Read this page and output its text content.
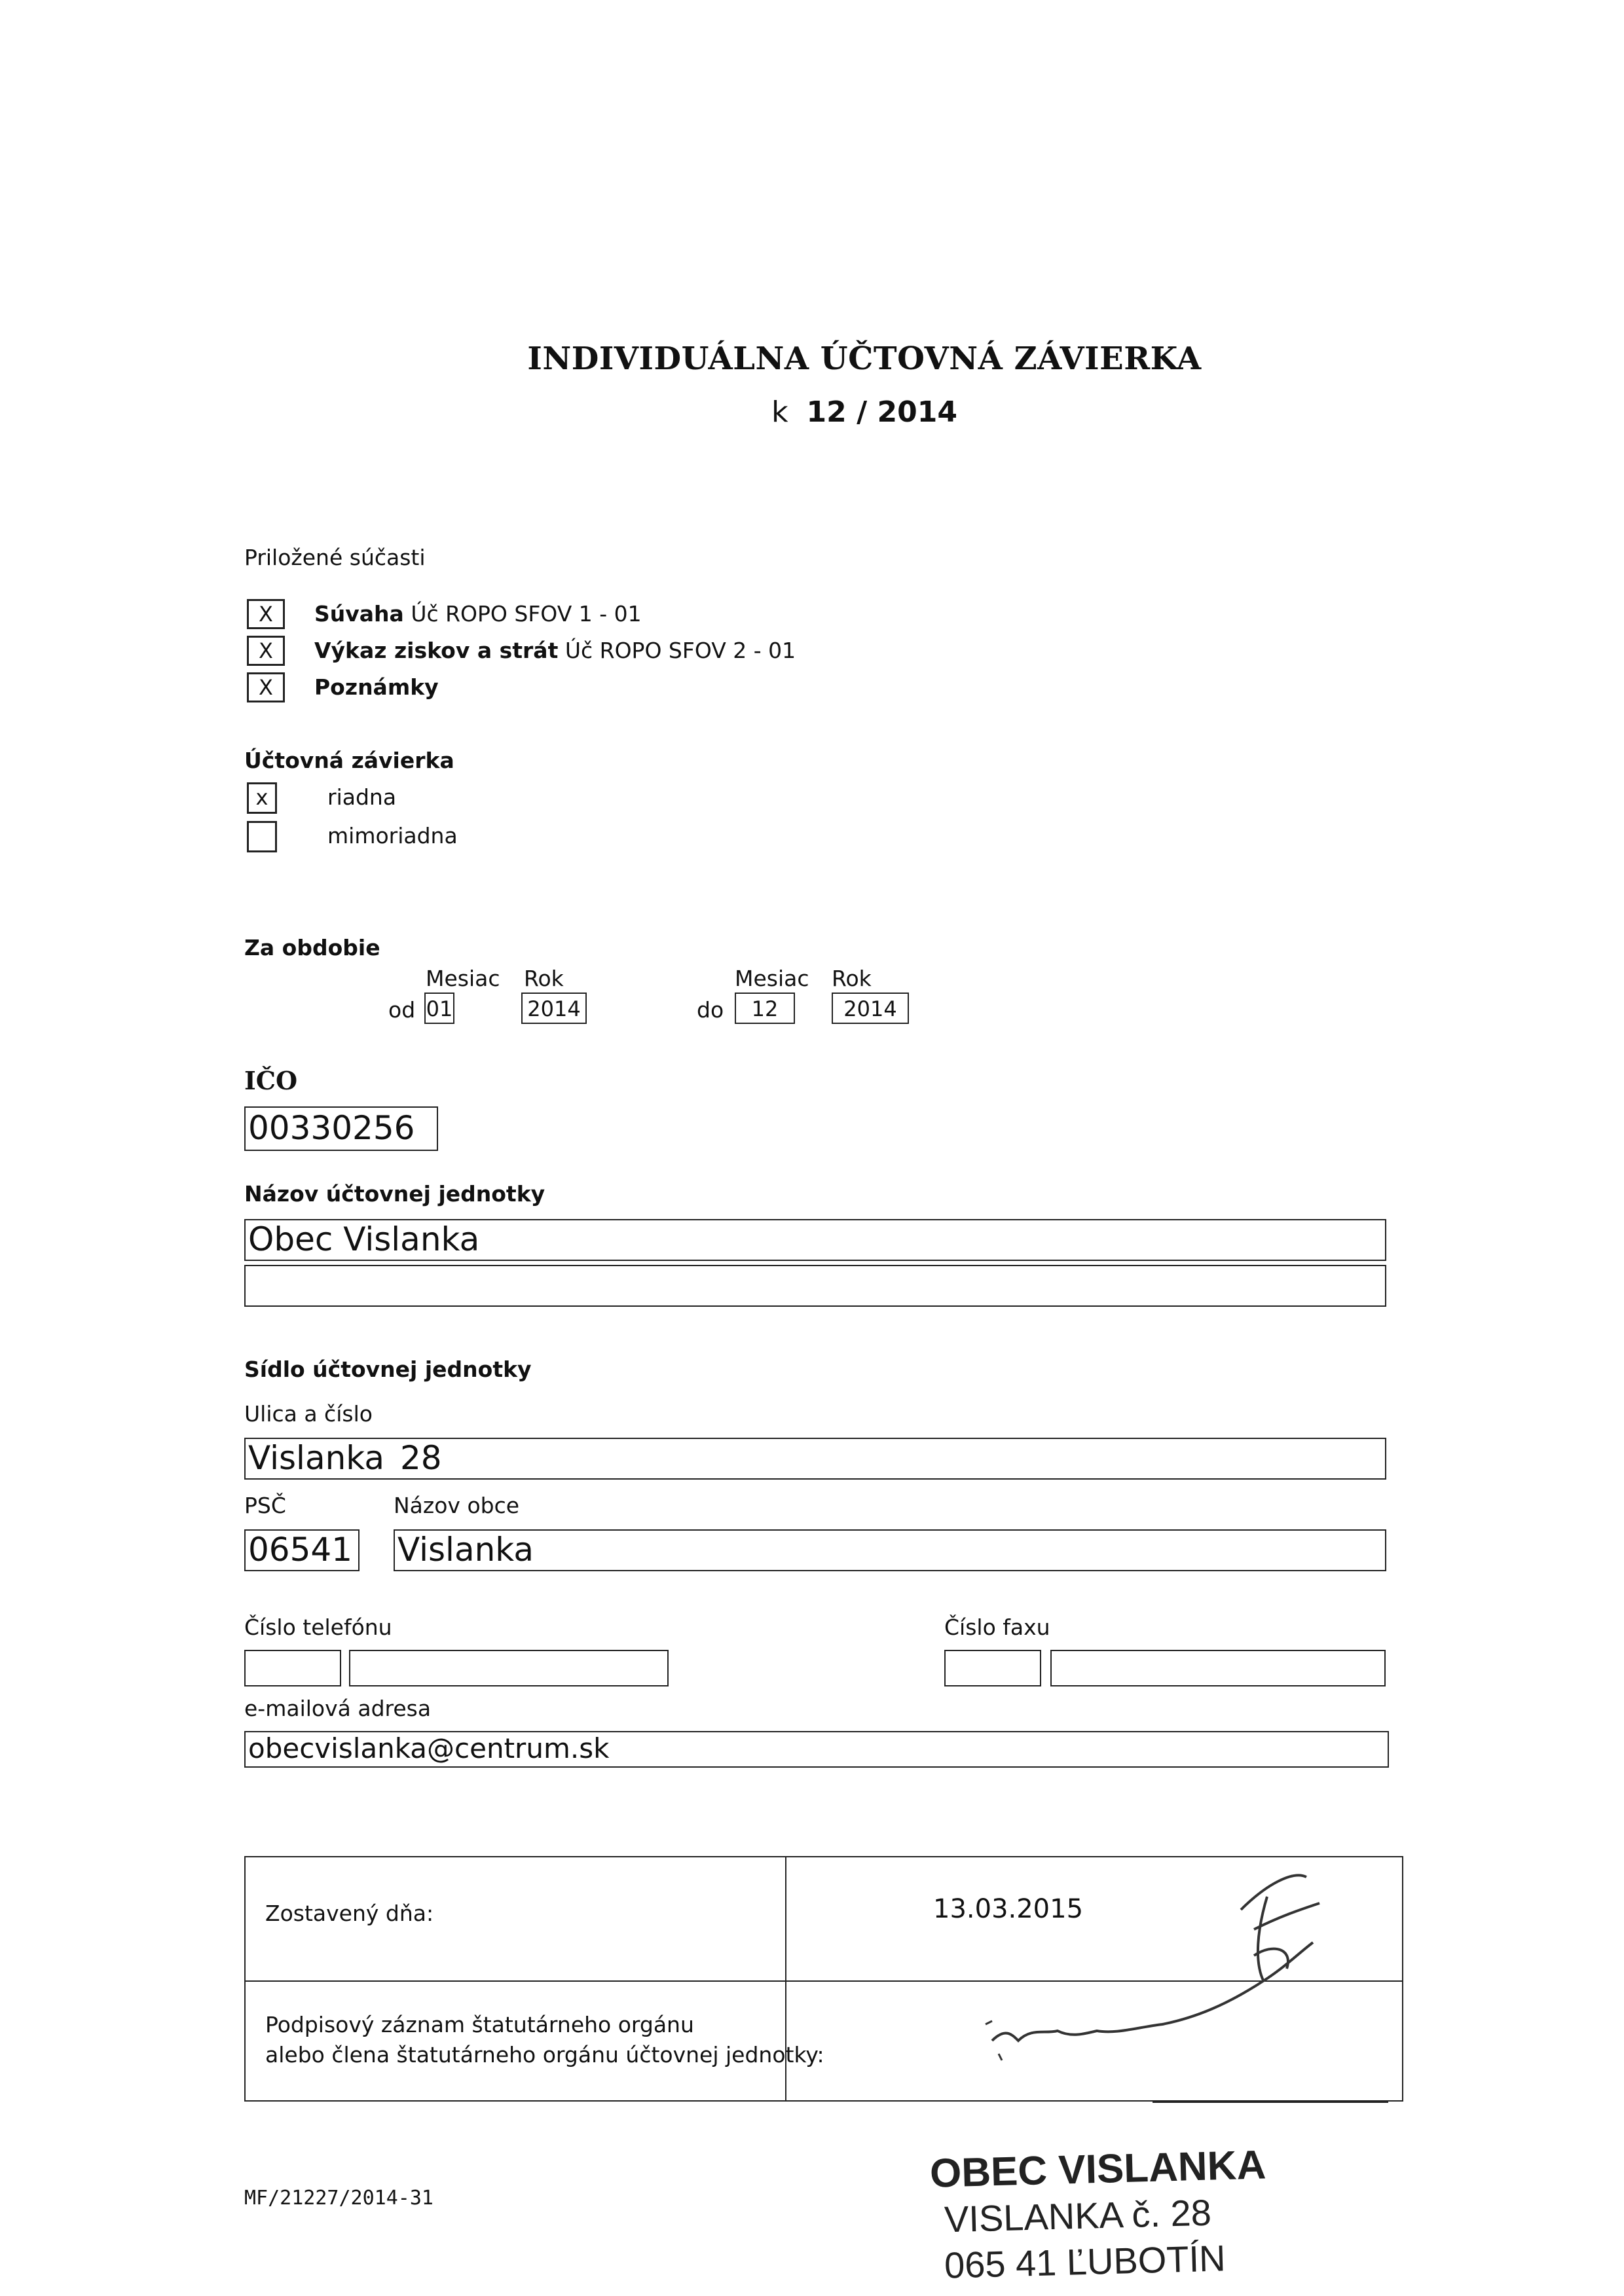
INDIVIDUÁLNA ÚČTOVNÁ ZÁVIERKA
k 12 / 2014
Priložené súčasti
X	Súvaha Úč ROPO SFOV 1 - 01
X	Výkaz ziskov a strát Úč ROPO SFOV 2 - 01
X	Poznámky
Účtovná závierka
x	riadna
mimoriadna
Za obdobie
Mesiac Rok	Mesiac Rok
od 01	2014	do	12	2014
IČO
00330256
Názov účtovnej jednotky
Obec Vislanka
Sídlo účtovnej jednotky
Ulica a číslo
Vislanka 28
PSČ	Názov obce
06541 Vislanka
Číslo telefónu	Číslo faxu
e-mailová adresa
obecvislanka@centrum.sk
Zostavený dňa:	13.03.2015
Podpisový záznam štatutárneho orgánu
alebo člena štatutárneho orgánu účtovnej jednotky:
MF/21227/2014-31
OBEC VISLANKA
VISLANKA č. 28
065 41 ĽUBOTÍN
